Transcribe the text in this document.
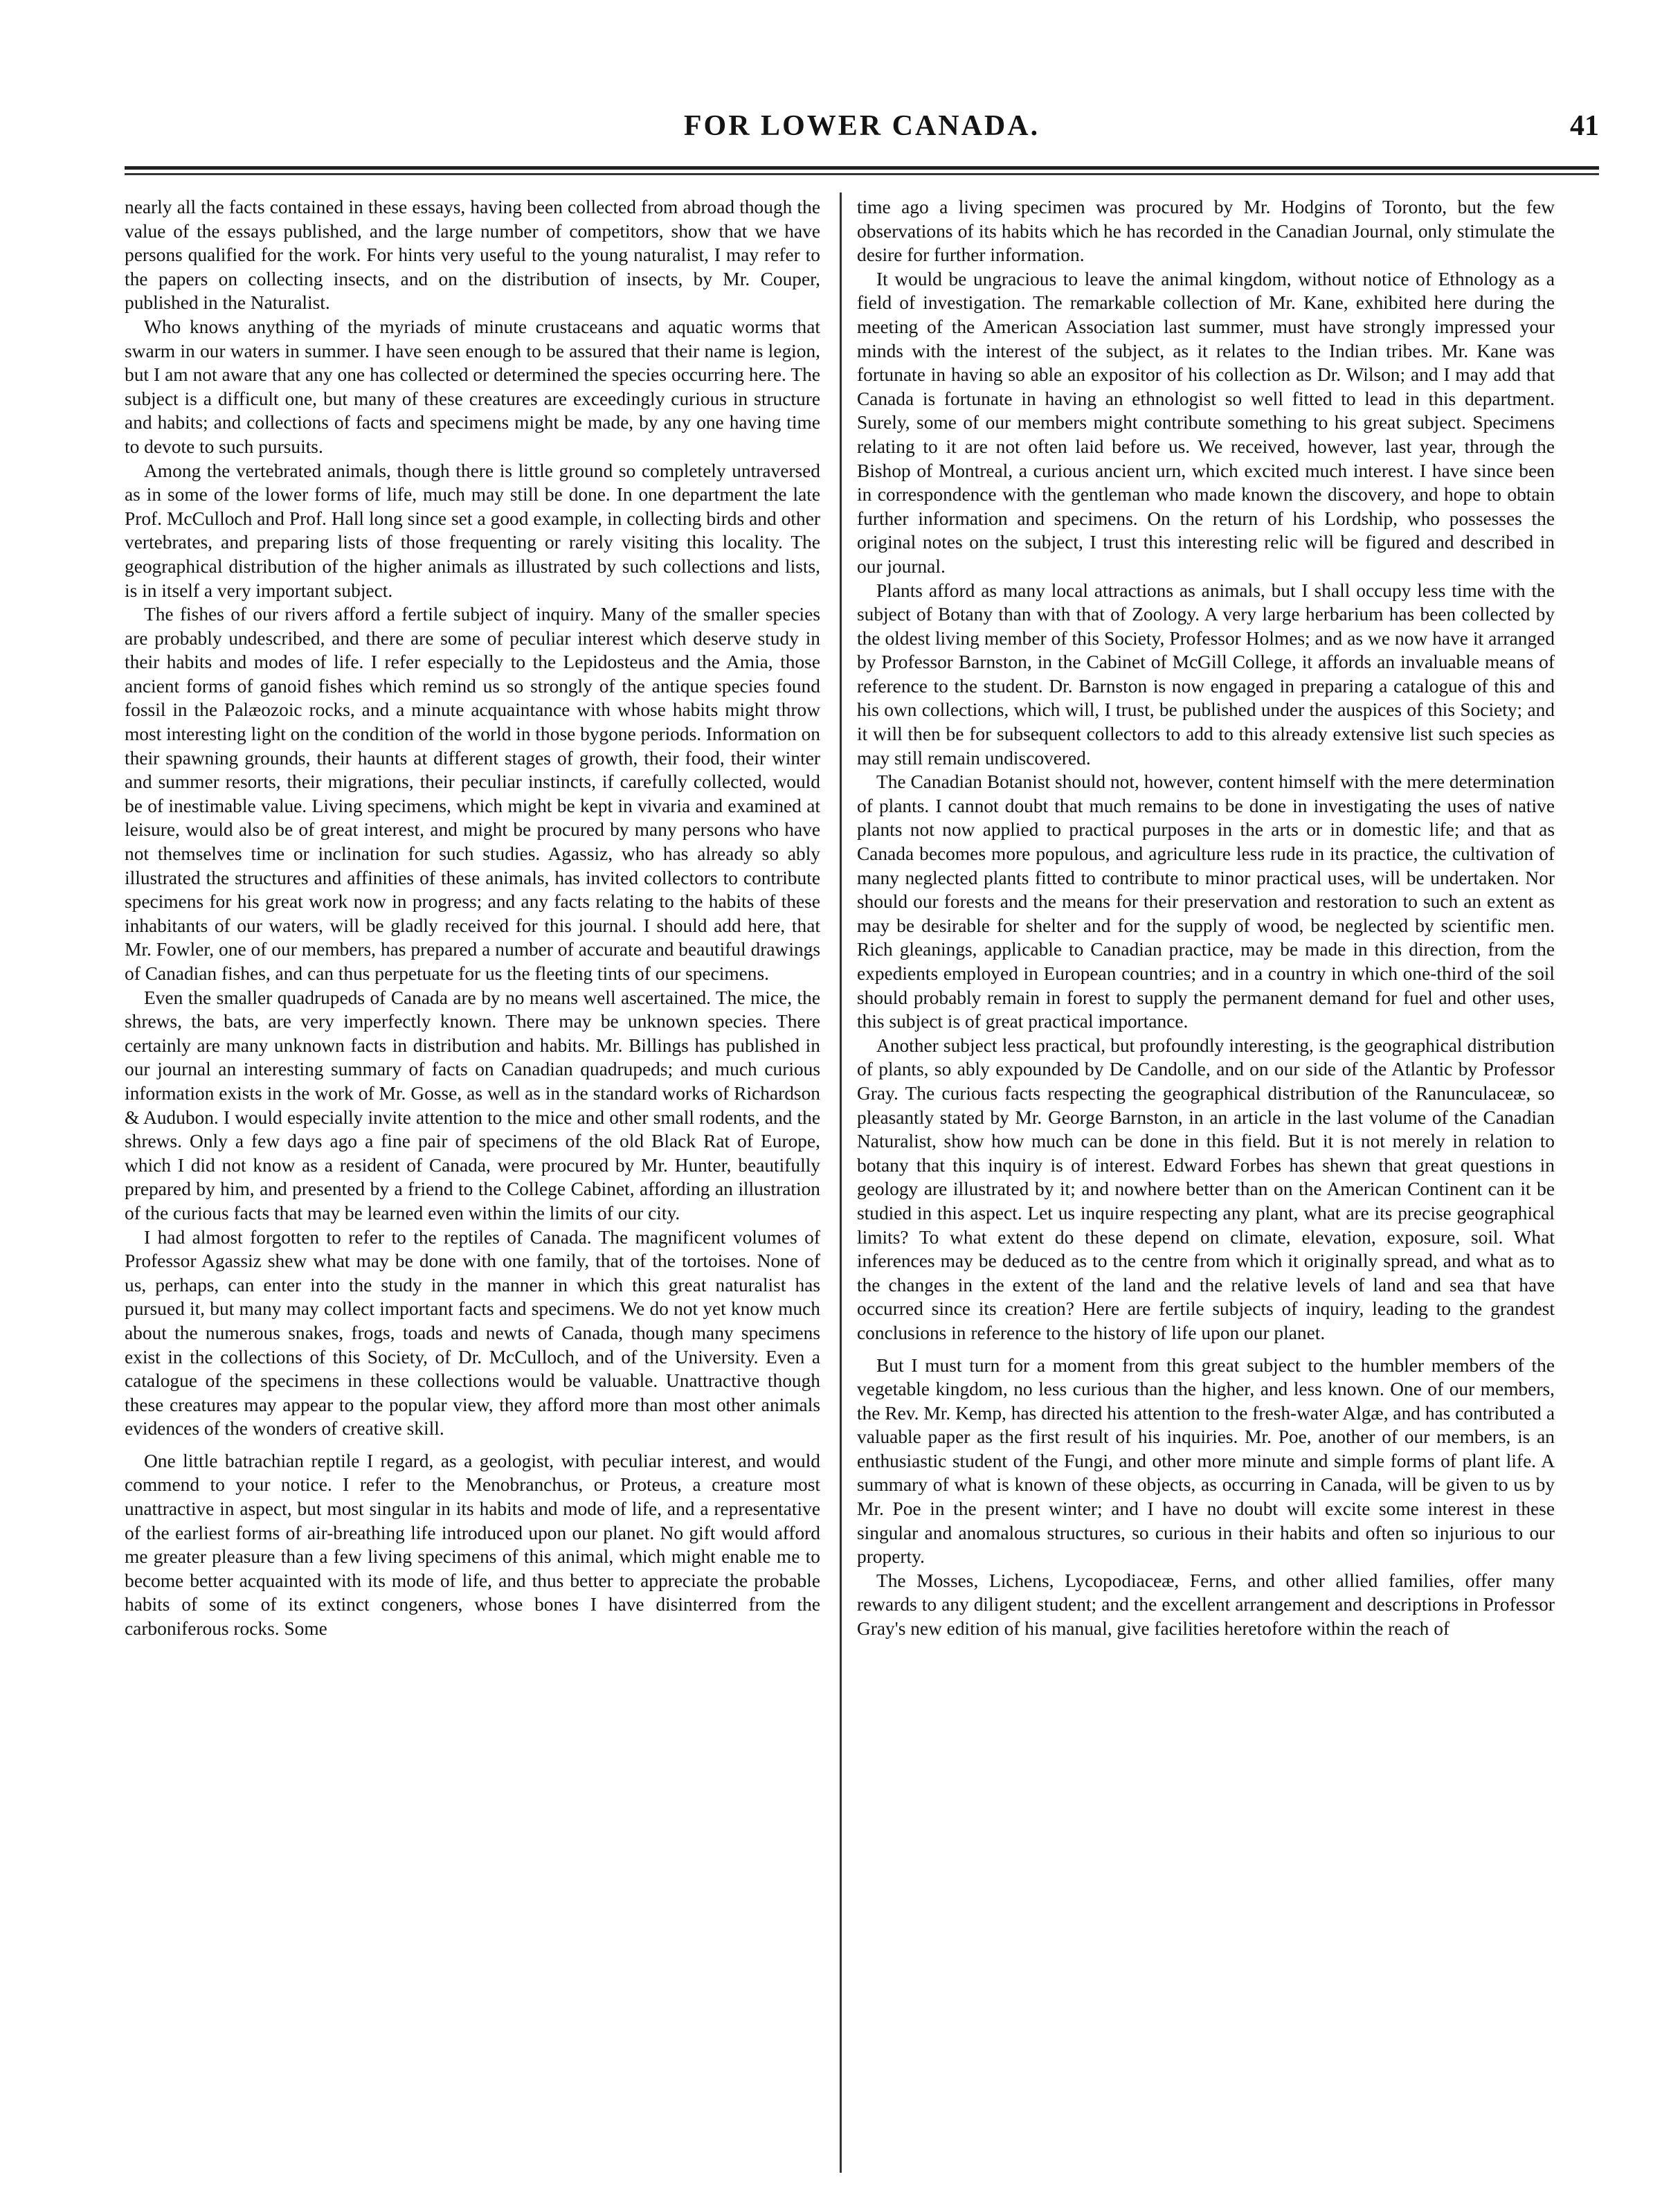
FOR LOWER CANADA.	41

nearly all the facts contained in these essays, having been collected from abroad though the value of the essays published, and the large number of competitors, show that we have persons qualified for the work. For hints very useful to the young naturalist, I may refer to the papers on collecting insects, and on the distribution of insects, by Mr. Couper, published in the Naturalist.

Who knows anything of the myriads of minute crustaceans and aquatic worms that swarm in our waters in summer. I have seen enough to be assured that their name is legion, but I am not aware that any one has collected or determined the species occurring here. The subject is a difficult one, but many of these creatures are exceedingly curious in structure and habits; and collections of facts and specimens might be made, by any one having time to devote to such pursuits.

Among the vertebrated animals, though there is little ground so completely untraversed as in some of the lower forms of life, much may still be done. In one department the late Prof. McCulloch and Prof. Hall long since set a good example, in collecting birds and other vertebrates, and preparing lists of those frequenting or rarely visiting this locality. The geographical distribution of the higher animals as illustrated by such collections and lists, is in itself a very important subject.

The fishes of our rivers afford a fertile subject of inquiry. Many of the smaller species are probably undescribed, and there are some of peculiar interest which deserve study in their habits and modes of life. I refer especially to the Lepidosteus and the Amia, those ancient forms of ganoid fishes which remind us so strongly of the antique species found fossil in the Palæozoic rocks, and a minute acquaintance with whose habits might throw most interesting light on the condition of the world in those bygone periods. Information on their spawning grounds, their haunts at different stages of growth, their food, their winter and summer resorts, their migrations, their peculiar instincts, if carefully collected, would be of inestimable value. Living specimens, which might be kept in vivaria and examined at leisure, would also be of great interest, and might be procured by many persons who have not themselves time or inclination for such studies. Agassiz, who has already so ably illustrated the structures and affinities of these animals, has invited collectors to contribute specimens for his great work now in progress; and any facts relating to the habits of these inhabitants of our waters, will be gladly received for this journal. I should add here, that Mr. Fowler, one of our members, has prepared a number of accurate and beautiful drawings of Canadian fishes, and can thus perpetuate for us the fleeting tints of our specimens.

Even the smaller quadrupeds of Canada are by no means well ascertained. The mice, the shrews, the bats, are very imperfectly known. There may be unknown species. There certainly are many unknown facts in distribution and habits. Mr. Billings has published in our journal an interesting summary of facts on Canadian quadrupeds; and much curious information exists in the work of Mr. Gosse, as well as in the standard works of Richardson & Audubon. I would especially invite attention to the mice and other small rodents, and the shrews. Only a few days ago a fine pair of specimens of the old Black Rat of Europe, which I did not know as a resident of Canada, were procured by Mr. Hunter, beautifully prepared by him, and presented by a friend to the College Cabinet, affording an illustration of the curious facts that may be learned even within the limits of our city.

I had almost forgotten to refer to the reptiles of Canada. The magnificent volumes of Professor Agassiz shew what may be done with one family, that of the tortoises. None of us, perhaps, can enter into the study in the manner in which this great naturalist has pursued it, but many may collect important facts and specimens. We do not yet know much about the numerous snakes, frogs, toads and newts of Canada, though many specimens exist in the collections of this Society, of Dr. McCulloch, and of the University. Even a catalogue of the specimens in these collections would be valuable. Unattractive though these creatures may appear to the popular view, they afford more than most other animals evidences of the wonders of creative skill.

One little batrachian reptile I regard, as a geologist, with peculiar interest, and would commend to your notice. I refer to the Menobranchus, or Proteus, a creature most unattractive in aspect, but most singular in its habits and mode of life, and a representative of the earliest forms of air-breathing life introduced upon our planet. No gift would afford me greater pleasure than a few living specimens of this animal, which might enable me to become better acquainted with its mode of life, and thus better to appreciate the probable habits of some of its extinct congeners, whose bones I have disinterred from the carboniferous rocks. Some

time ago a living specimen was procured by Mr. Hodgins of Toronto, but the few observations of its habits which he has recorded in the Canadian Journal, only stimulate the desire for further information.

It would be ungracious to leave the animal kingdom, without notice of Ethnology as a field of investigation. The remarkable collection of Mr. Kane, exhibited here during the meeting of the American Association last summer, must have strongly impressed your minds with the interest of the subject, as it relates to the Indian tribes. Mr. Kane was fortunate in having so able an expositor of his collection as Dr. Wilson; and I may add that Canada is fortunate in having an ethnologist so well fitted to lead in this department. Surely, some of our members might contribute something to his great subject. Specimens relating to it are not often laid before us. We received, however, last year, through the Bishop of Montreal, a curious ancient urn, which excited much interest. I have since been in correspondence with the gentleman who made known the discovery, and hope to obtain further information and specimens. On the return of his Lordship, who possesses the original notes on the subject, I trust this interesting relic will be figured and described in our journal.

Plants afford as many local attractions as animals, but I shall occupy less time with the subject of Botany than with that of Zoology. A very large herbarium has been collected by the oldest living member of this Society, Professor Holmes; and as we now have it arranged by Professor Barnston, in the Cabinet of McGill College, it affords an invaluable means of reference to the student. Dr. Barnston is now engaged in preparing a catalogue of this and his own collections, which will, I trust, be published under the auspices of this Society; and it will then be for subsequent collectors to add to this already extensive list such species as may still remain undiscovered.

The Canadian Botanist should not, however, content himself with the mere determination of plants. I cannot doubt that much remains to be done in investigating the uses of native plants not now applied to practical purposes in the arts or in domestic life; and that as Canada becomes more populous, and agriculture less rude in its practice, the cultivation of many neglected plants fitted to contribute to minor practical uses, will be undertaken. Nor should our forests and the means for their preservation and restoration to such an extent as may be desirable for shelter and for the supply of wood, be neglected by scientific men. Rich gleanings, applicable to Canadian practice, may be made in this direction, from the expedients employed in European countries; and in a country in which one-third of the soil should probably remain in forest to supply the permanent demand for fuel and other uses, this subject is of great practical importance.

Another subject less practical, but profoundly interesting, is the geographical distribution of plants, so ably expounded by De Candolle, and on our side of the Atlantic by Professor Gray. The curious facts respecting the geographical distribution of the Ranunculaceæ, so pleasantly stated by Mr. George Barnston, in an article in the last volume of the Canadian Naturalist, show how much can be done in this field. But it is not merely in relation to botany that this inquiry is of interest. Edward Forbes has shewn that great questions in geology are illustrated by it; and nowhere better than on the American Continent can it be studied in this aspect. Let us inquire respecting any plant, what are its precise geographical limits? To what extent do these depend on climate, elevation, exposure, soil. What inferences may be deduced as to the centre from which it originally spread, and what as to the changes in the extent of the land and the relative levels of land and sea that have occurred since its creation? Here are fertile subjects of inquiry, leading to the grandest conclusions in reference to the history of life upon our planet.

But I must turn for a moment from this great subject to the humbler members of the vegetable kingdom, no less curious than the higher, and less known. One of our members, the Rev. Mr. Kemp, has directed his attention to the fresh-water Algæ, and has contributed a valuable paper as the first result of his inquiries. Mr. Poe, another of our members, is an enthusiastic student of the Fungi, and other more minute and simple forms of plant life. A summary of what is known of these objects, as occurring in Canada, will be given to us by Mr. Poe in the present winter; and I have no doubt will excite some interest in these singular and anomalous structures, so curious in their habits and often so injurious to our property.

The Mosses, Lichens, Lycopodiaceæ, Ferns, and other allied families, offer many rewards to any diligent student; and the excellent arrangement and descriptions in Professor Gray's new edition of his manual, give facilities heretofore within the reach of
